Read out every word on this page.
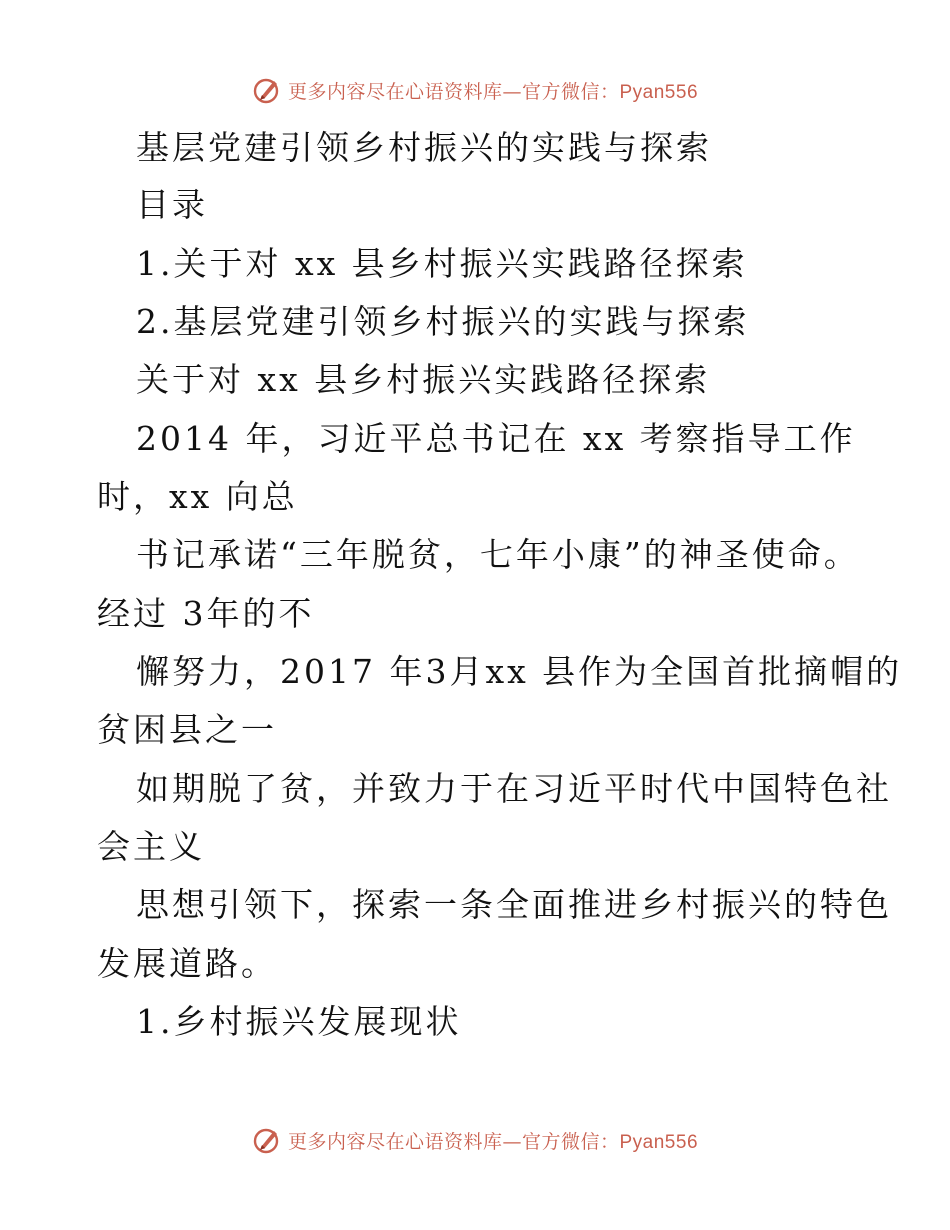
更多内容尽在心语资料库—官方微信：Pyan556
基层党建引领乡村振兴的实践与探索
目录
1.关于对 xx 县乡村振兴实践路径探索
2.基层党建引领乡村振兴的实践与探索
关于对 xx 县乡村振兴实践路径探索
2014 年，习近平总书记在 xx 考察指导工作
时，xx 向总
书记承诺“三年脱贫，七年小康”的神圣使命。
经过 3年的不
懈努力，2017 年3月xx 县作为全国首批摘帽的
贫困县之一
如期脱了贫，并致力于在习近平时代中国特色社
会主义
思想引领下，探索一条全面推进乡村振兴的特色
发展道路。
1.乡村振兴发展现状
更多内容尽在心语资料库—官方微信：Pyan556
